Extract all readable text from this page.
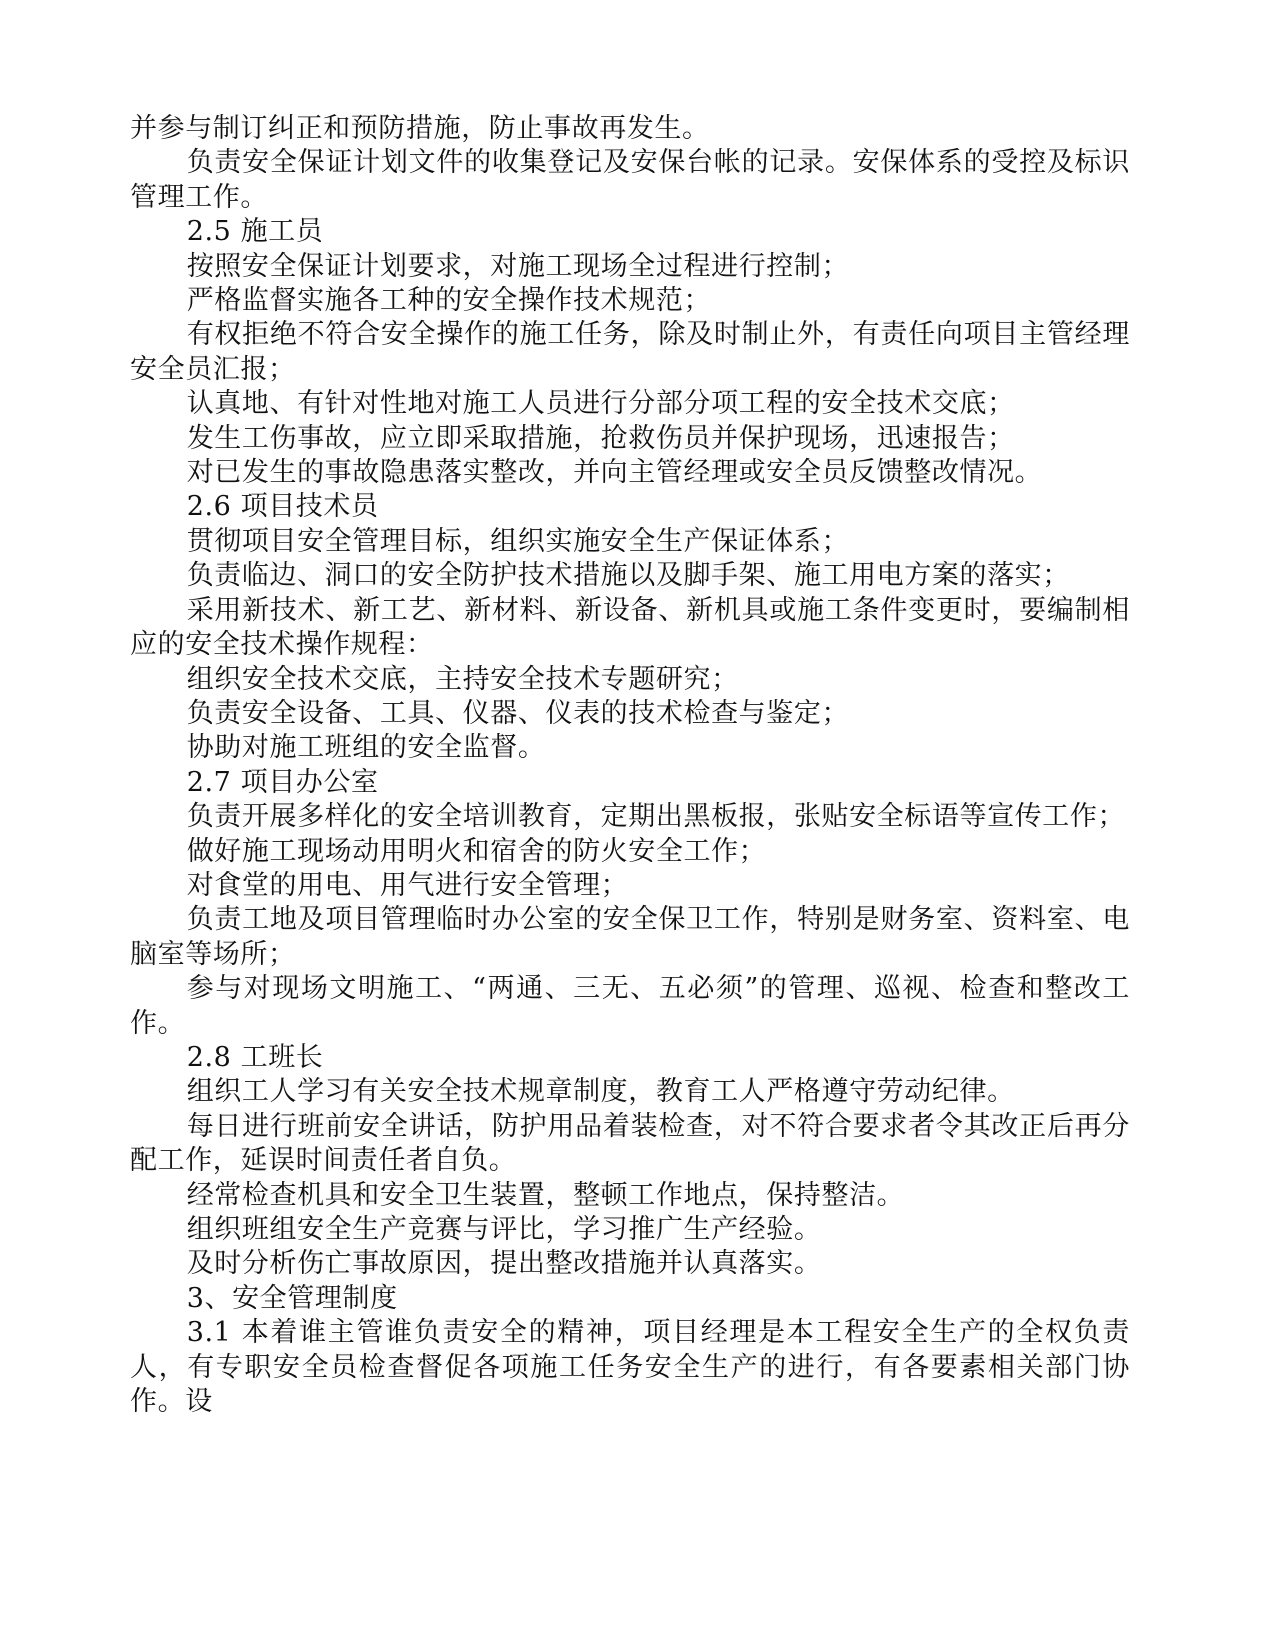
并参与制订纠正和预防措施，防止事故再发生。

负责安全保证计划文件的收集登记及安保台帐的记录。安保体系的受控及标识管理工作。

2.5 施工员

按照安全保证计划要求，对施工现场全过程进行控制；

严格监督实施各工种的安全操作技术规范；

有权拒绝不符合安全操作的施工任务，除及时制止外，有责任向项目主管经理安全员汇报；

认真地、有针对性地对施工人员进行分部分项工程的安全技术交底；

发生工伤事故，应立即采取措施，抢救伤员并保护现场，迅速报告；

对已发生的事故隐患落实整改，并向主管经理或安全员反馈整改情况。

2.6 项目技术员

贯彻项目安全管理目标，组织实施安全生产保证体系；

负责临边、洞口的安全防护技术措施以及脚手架、施工用电方案的落实；

采用新技术、新工艺、新材料、新设备、新机具或施工条件变更时，要编制相应的安全技术操作规程：

组织安全技术交底，主持安全技术专题研究；

负责安全设备、工具、仪器、仪表的技术检查与鉴定；

协助对施工班组的安全监督。

2.7 项目办公室

负责开展多样化的安全培训教育，定期出黑板报，张贴安全标语等宣传工作；

做好施工现场动用明火和宿舍的防火安全工作；

对食堂的用电、用气进行安全管理；

负责工地及项目管理临时办公室的安全保卫工作，特别是财务室、资料室、电脑室等场所；

参与对现场文明施工、“两通、三无、五必须”的管理、巡视、检查和整改工作。

2.8 工班长

组织工人学习有关安全技术规章制度，教育工人严格遵守劳动纪律。

每日进行班前安全讲话，防护用品着装检查，对不符合要求者令其改正后再分配工作，延误时间责任者自负。

经常检查机具和安全卫生装置，整顿工作地点，保持整洁。

组织班组安全生产竞赛与评比，学习推广生产经验。

及时分析伤亡事故原因，提出整改措施并认真落实。

3、安全管理制度

3.1 本着谁主管谁负责安全的精神，项目经理是本工程安全生产的全权负责人，有专职安全员检查督促各项施工任务安全生产的进行，有各要素相关部门协作。设
